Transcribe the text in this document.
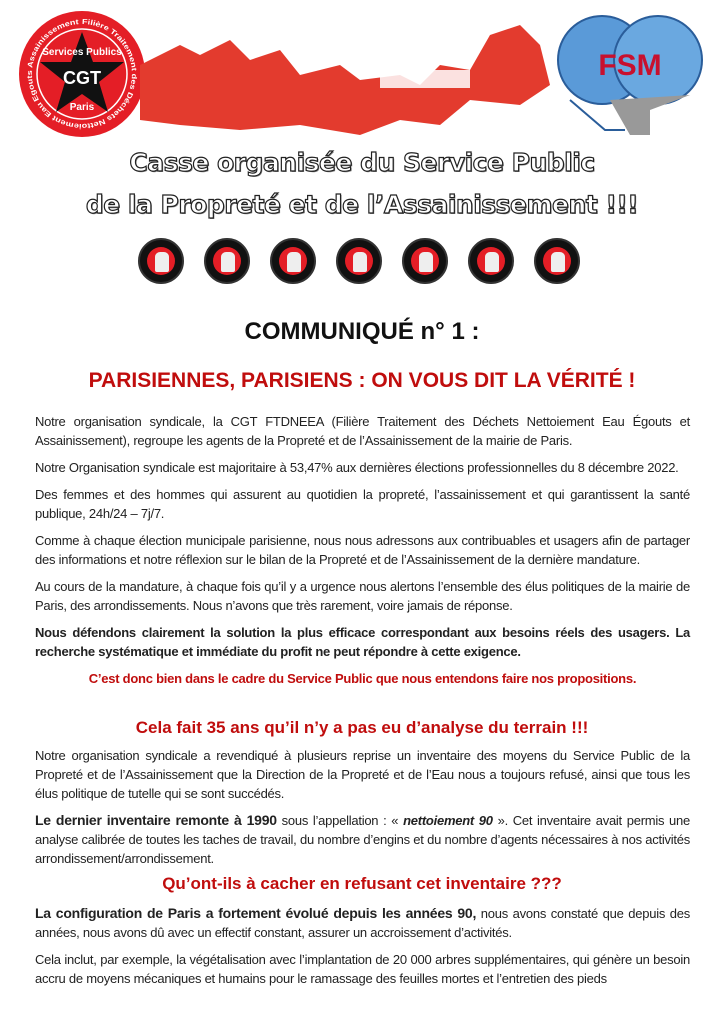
Filière Traitement des Déchets Nettoiement Eau Egouts Assainissement
Services Publics
CGT
Paris
FSM
Casse organisée du Service Public
de la Propreté et de l’Assainissement !!!
COMMUNIQUÉ n° 1 :
PARISIENNES, PARISIENS : ON VOUS DIT LA VÉRITÉ !

Notre organisation syndicale, la CGT FTDNEEA (Filière Traitement des Déchets Nettoiement Eau Égouts et Assainissement), regroupe les agents de la Propreté et de l’Assainissement de la mairie de Paris.

Notre Organisation syndicale est majoritaire à 53,47% aux dernières élections professionnelles du 8 décembre 2022.

Des femmes et des hommes qui assurent au quotidien la propreté, l’assainissement et qui garantissent la santé publique, 24h/24 – 7j/7.

Comme à chaque élection municipale parisienne, nous nous adressons aux contribuables et usagers afin de partager des informations et notre réflexion sur le bilan de la Propreté et de l’Assainissement de la dernière mandature.

Au cours de la mandature, à chaque fois qu’il y a urgence nous alertons l’ensemble des élus politiques de la mairie de Paris, des arrondissements. Nous n’avons que très rarement, voire jamais de réponse.

Nous défendons clairement la solution la plus efficace correspondant aux besoins réels des usagers. La recherche systématique et immédiate du profit ne peut répondre à cette exigence.

C’est donc bien dans le cadre du Service Public que nous entendons faire nos propositions.

Cela fait 35 ans qu’il n’y a pas eu d’analyse du terrain !!!

Notre organisation syndicale a revendiqué à plusieurs reprise un inventaire des moyens du Service Public de la Propreté et de l’Assainissement que la Direction de la Propreté et de l’Eau nous a toujours refusé, ainsi que tous les élus politique de tutelle qui se sont succédés.

Le dernier inventaire remonte à 1990 sous l’appellation : « nettoiement 90 ». Cet inventaire avait permis une analyse calibrée de toutes les taches de travail, du nombre d’engins et du nombre d’agents nécessaires à nos activités arrondissement/arrondissement.

Qu’ont-ils à cacher en refusant cet inventaire ???

La configuration de Paris a fortement évolué depuis les années 90, nous avons constaté que depuis des années, nous avons dû avec un effectif constant, assurer un accroissement d’activités.

Cela inclut, par exemple, la végétalisation avec l’implantation de 20 000 arbres supplémentaires, qui génère un besoin accru de moyens mécaniques et humains pour le ramassage des feuilles mortes et l’entretien des pieds
